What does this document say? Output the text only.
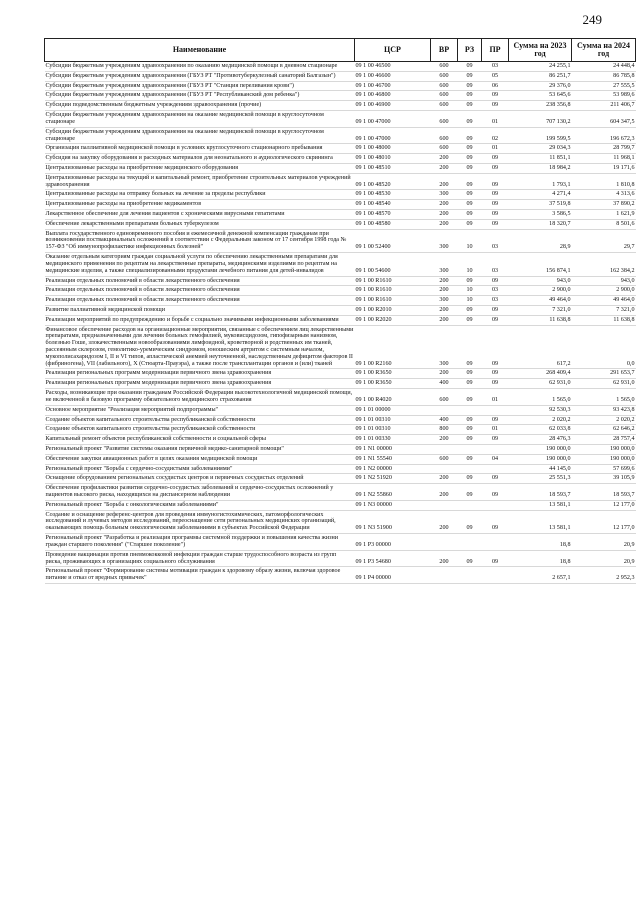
249
Наименование	ЦСР	ВР	РЗ	ПР	Сумма на 2023 год	Сумма на 2024 год
Субсидии бюджетным учреждениям здравоохранения по оказанию медицинской помощи в дневном стационаре	09 1 00 46500	600	09	03	24 255,1	24 448,4
Субсидии бюджетным учреждениям здравоохранения (ГБУЗ РТ "Противотуберкулезный санаторий Балгазын")	09 1 00 46600	600	09	05	86 251,7	86 785,8
Субсидии бюджетным учреждениям здравоохранения (ГБУЗ РТ "Станция переливания крови")	09 1 00 46700	600	09	06	29 376,0	27 555,5
Субсидии бюджетным учреждениям здравоохранения (ГБУЗ РТ "Республиканский дом ребенка")	09 1 00 46800	600	09	09	53 645,6	53 989,6
Субсидии подведомственным бюджетным учреждениям здравоохранения (прочие)	09 1 00 46900	600	09	09	238 356,8	211 406,7
Субсидии бюджетным учреждениям здравоохранения на оказание медицинской помощи в круглосуточном стационаре	09 1 00 47000	600	09	01	707 130,2	604 347,5
Субсидии бюджетным учреждениям здравоохранения на оказание медицинской помощи в круглосуточном стационаре	09 1 00 47000	600	09	02	199 599,5	196 672,3
Организация паллиативной медицинской помощи в условиях круглосуточного стационарного пребывания	09 1 00 48000	600	09	01	29 034,3	28 799,7
Субсидия на закупку оборудования и расходных материалов для неонатального и аудиологического скрининга	09 1 00 48010	200	09	09	11 851,1	11 968,1
Централизованные расходы на приобретение медицинского оборудования	09 1 00 48510	200	09	09	18 984,2	19 171,6
Централизованные расходы на текущий и капитальный ремонт, приобретение строительных материалов учреждений здравоохранения	09 1 00 48520	200	09	09	1 793,1	1 810,8
Централизованные расходы на отправку больных на лечение за пределы республики	09 1 00 48530	300	09	09	4 271,4	4 313,6
Централизованные расходы на приобретение медикаментов	09 1 00 48540	200	09	09	37 519,8	37 890,2
Лекарственное обеспечение для лечения пациентов с хроническими вирусными гепатитами	09 1 00 48570	200	09	09	3 586,5	1 621,9
Обеспечение лекарственными препаратами больных туберкулезом	09 1 00 48580	200	09	09	18 320,7	8 501,6
Выплата государственного единовременного пособия и ежемесячной денежной компенсации гражданам при возникновении поствакцинальных осложнений в соответствии с Федеральным законом от 17 сентября 1998 года № 157-ФЗ "Об иммунопрофилактике инфекционных болезней"	09 1 00 52400	300	10	03	28,9	29,7
Оказание отдельным категориям граждан социальной услуги по обеспечению лекарственными препаратами для медицинского применения по рецептам на лекарственные препараты, медицинскими изделиями по рецептам на медицинские изделия, а также специализированными продуктами лечебного питания для детей-инвалидов	09 1 00 54600	300	10	03	156 874,1	162 384,2
Реализация отдельных полномочий в области лекарственного обеспечения	09 1 00 R1610	200	09	09	943,0	943,0
Реализация отдельных полномочий в области лекарственного обеспечения	09 1 00 R1610	200	10	03	2 900,0	2 900,0
Реализация отдельных полномочий в области лекарственного обеспечения	09 1 00 R1610	300	10	03	49 464,0	49 464,0
Развитие паллиативной медицинской помощи	09 1 00 R2010	200	09	09	7 321,0	7 321,0
Реализация мероприятий по предупреждению и борьбе с социально значимыми инфекционными заболеваниями	09 1 00 R2020	200	09	09	11 638,8	11 638,8
Финансовое обеспечение расходов на организационные мероприятия, связанные с обеспечением лиц лекарственными препаратами, предназначенными для лечения больных гемофилией, муковисцидозом, гипофизарным нанизмом, болезнью Гоше, злокачественными новообразованиями лимфоидной, кроветворной и родственных им тканей, рассеянным склерозом, гемолитико-уремическим синдромом, юношеским артритом с системным началом, мукополисахаридозом I, II и VI типов, апластической анемией неуточненной, наследственным дефицитом факторов II (фибриногена), VII (лабильного), X (Стюарта-Прауэра), а также после трансплантации органов и (или) тканей	09 1 00 R2160	300	09	09	617,2	0,0
Реализация региональных программ модернизации первичного звена здравоохранения	09 1 00 R3650	200	09	09	268 409,4	291 653,7
Реализация региональных программ модернизации первичного звена здравоохранения	09 1 00 R3650	400	09	09	62 931,0	62 931,0
Расходы, возникающие при оказании гражданам Российской Федерации высокотехнологичной медицинской помощи, не включенной в базовую программу обязательного медицинского страхования	09 1 00 R4020	600	09	01	1 565,0	1 565,0
Основное мероприятие "Реализация мероприятий подпрограммы"	09 1 01 00000				92 530,3	93 423,8
Создание объектов капитального строительства республиканской собственности	09 1 01 00310	400	09	09	2 020,2	2 020,2
Создание объектов капитального строительства республиканской собственности	09 1 01 00310	800	09	01	62 033,8	62 646,2
Капитальный ремонт объектов республиканской собственности и социальной сферы	09 1 01 00330	200	09	09	28 476,3	28 757,4
Региональный проект "Развитие системы оказания первичной медико-санитарной помощи"	09 1 N1 00000				190 000,0	190 000,0
Обеспечение закупки авиационных работ в целях оказания медицинской помощи	09 1 N1 55540	600	09	04	190 000,0	190 000,0
Региональный проект "Борьба с сердечно-сосудистыми заболеваниями"	09 1 N2 00000				44 145,0	57 699,6
Оснащение оборудованием региональных сосудистых центров и первичных сосудистых отделений	09 1 N2 51920	200	09	09	25 551,3	39 105,9
Обеспечение профилактики развития сердечно-сосудистых заболеваний и сердечно-сосудистых осложнений у пациентов высокого риска, находящихся на диспансерном наблюдении	09 1 N2 55860	200	09	09	18 593,7	18 593,7
Региональный проект "Борьба с онкологическими заболеваниями"	09 1 N3 00000				13 581,1	12 177,0
Создание и оснащение референс-центров для проведения иммуногистохимических, патоморфологических исследований и лучевых методов исследований, переоснащение сети региональных медицинских организаций, оказывающих помощь больным онкологическими заболеваниями в субъектах Российской Федерации	09 1 N3 51900	200	09	09	13 581,1	12 177,0
Региональный проект "Разработка и реализация программы системной поддержки и повышения качества жизни граждан старшего поколения" ("Старшее поколение")	09 1 P3 00000				18,8	20,9
Проведение вакцинации против пневмококковой инфекции граждан старше трудоспособного возраста из групп риска, проживающих в организациях социального обслуживания	09 1 P3 54680	200	09	09	18,8	20,9
Региональный проект "Формирование системы мотивации граждан к здоровому образу жизни, включая здоровое питание и отказ от вредных привычек"	09 1 P4 00000				2 657,1	2 952,3
